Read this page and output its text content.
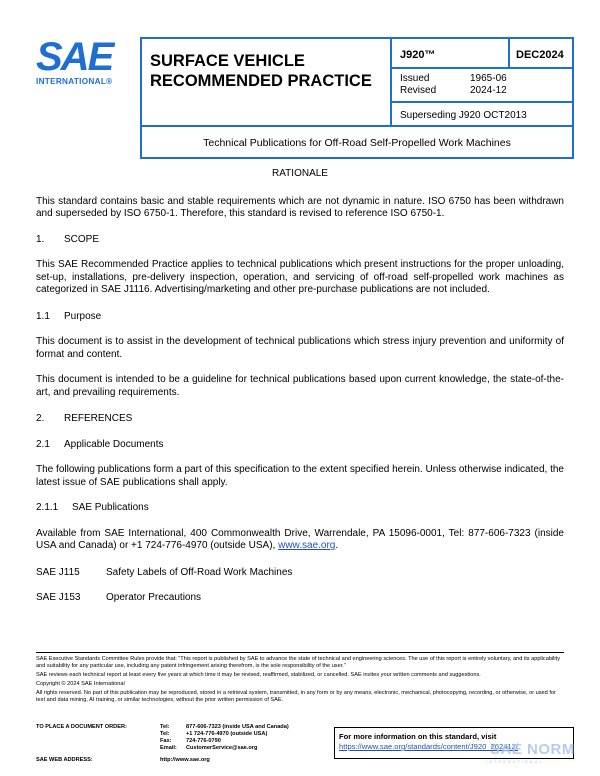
SAE
INTERNATIONAL®
SURFACE VEHICLE
RECOMMENDED PRACTICE
J920™	DEC2024
Issued	1965-06
Revised	2024-12
Superseding J920 OCT2013
Technical Publications for Off-Road Self-Propelled Work Machines

RATIONALE

This standard contains basic and stable requirements which are not dynamic in nature. ISO 6750 has been withdrawn and superseded by ISO 6750-1. Therefore, this standard is revised to reference ISO 6750-1.

1.	SCOPE

This SAE Recommended Practice applies to technical publications which present instructions for the proper unloading, set-up, installations, pre-delivery inspection, operation, and servicing of off-road self-propelled work machines as categorized in SAE J1116. Advertising/marketing and other pre-purchase publications are not included.

1.1	Purpose

This document is to assist in the development of technical publications which stress injury prevention and uniformity of format and content.

This document is intended to be a guideline for technical publications based upon current knowledge, the state-of-the-art, and prevailing requirements.

2.	REFERENCES
2.1	Applicable Documents

The following publications form a part of this specification to the extent specified herein. Unless otherwise indicated, the latest issue of SAE publications shall apply.

2.1.1	SAE Publications

Available from SAE International, 400 Commonwealth Drive, Warrendale, PA 15096-0001, Tel: 877-606-7323 (inside USA and Canada) or +1 724-776-4970 (outside USA), www.sae.org.

SAE J115	Safety Labels of Off-Road Work Machines
SAE J153	Operator Precautions

SAE Executive Standards Committee Rules provide that: “This report is published by SAE to advance the state of technical and engineering sciences. The use of this report is entirely voluntary, and its applicability and suitability for any particular use, including any patent infringement arising therefrom, is the sole responsibility of the user.”

SAE reviews each technical report at least every five years at which time it may be revised, reaffirmed, stabilized, or cancelled. SAE invites your written comments and suggestions.

Copyright © 2024 SAE International

All rights reserved. No part of this publication may be reproduced, stored in a retrieval system, transmitted, in any form or by any means, electronic, mechanical, photocopying, recording, or otherwise, or used for text and data mining, AI training, or similar technologies, without the prior written permission of SAE.

TO PLACE A DOCUMENT ORDER:	Tel:	877-606-7323 (inside USA and Canada)
Tel:	+1 724-776-4970 (outside USA)
Fax:	724-776-0790
Email:	CustomerService@sae.org
SAE WEB ADDRESS:	http://www.sae.org
For more information on this standard, visit
https://www.sae.org/standards/content/J920_202412/
SAE NORM
INTERNATIONAL
